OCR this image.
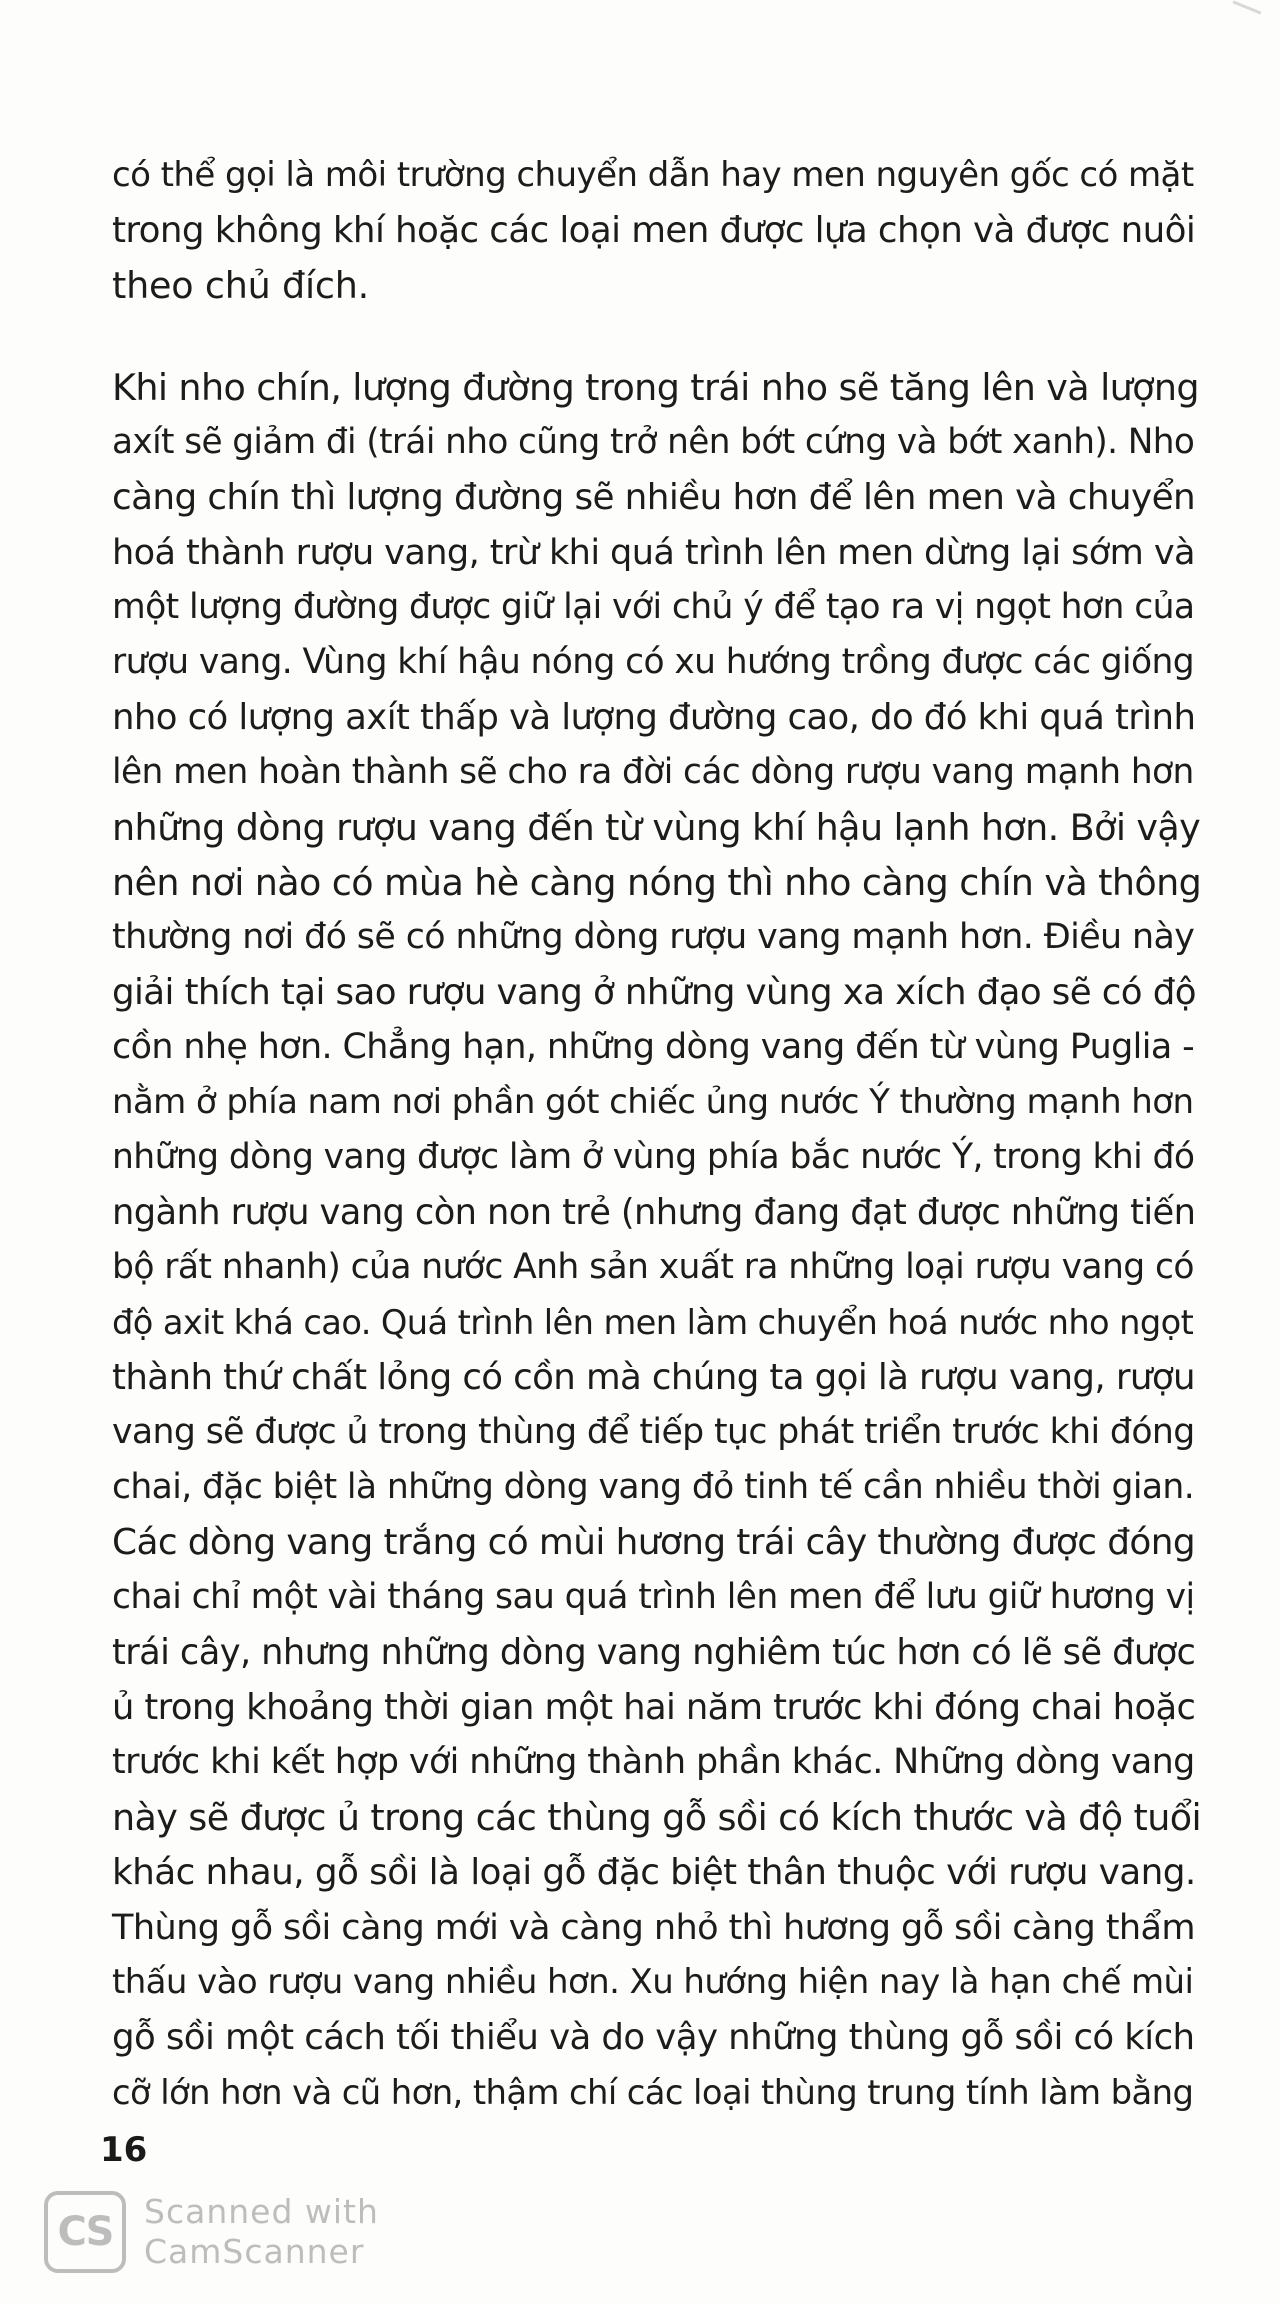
có thể gọi là môi trường chuyển dẫn hay men nguyên gốc có mặt
trong không khí hoặc các loại men được lựa chọn và được nuôi
theo chủ đích.

Khi nho chín, lượng đường trong trái nho sẽ tăng lên và lượng
axít sẽ giảm đi (trái nho cũng trở nên bớt cứng và bớt xanh). Nho
càng chín thì lượng đường sẽ nhiều hơn để lên men và chuyển
hoá thành rượu vang, trừ khi quá trình lên men dừng lại sớm và
một lượng đường được giữ lại với chủ ý để tạo ra vị ngọt hơn của
rượu vang. Vùng khí hậu nóng có xu hướng trồng được các giống
nho có lượng axít thấp và lượng đường cao, do đó khi quá trình
lên men hoàn thành sẽ cho ra đời các dòng rượu vang mạnh hơn
những dòng rượu vang đến từ vùng khí hậu lạnh hơn. Bởi vậy
nên nơi nào có mùa hè càng nóng thì nho càng chín và thông
thường nơi đó sẽ có những dòng rượu vang mạnh hơn. Điều này
giải thích tại sao rượu vang ở những vùng xa xích đạo sẽ có độ
cồn nhẹ hơn. Chẳng hạn, những dòng vang đến từ vùng Puglia -
nằm ở phía nam nơi phần gót chiếc ủng nước Ý thường mạnh hơn
những dòng vang được làm ở vùng phía bắc nước Ý, trong khi đó
ngành rượu vang còn non trẻ (nhưng đang đạt được những tiến
bộ rất nhanh) của nước Anh sản xuất ra những loại rượu vang có
độ axit khá cao. Quá trình lên men làm chuyển hoá nước nho ngọt
thành thứ chất lỏng có cồn mà chúng ta gọi là rượu vang, rượu
vang sẽ được ủ trong thùng để tiếp tục phát triển trước khi đóng
chai, đặc biệt là những dòng vang đỏ tinh tế cần nhiều thời gian.
Các dòng vang trắng có mùi hương trái cây thường được đóng
chai chỉ một vài tháng sau quá trình lên men để lưu giữ hương vị
trái cây, nhưng những dòng vang nghiêm túc hơn có lẽ sẽ được
ủ trong khoảng thời gian một hai năm trước khi đóng chai hoặc
trước khi kết hợp với những thành phần khác. Những dòng vang
này sẽ được ủ trong các thùng gỗ sồi có kích thước và độ tuổi
khác nhau, gỗ sồi là loại gỗ đặc biệt thân thuộc với rượu vang.
Thùng gỗ sồi càng mới và càng nhỏ thì hương gỗ sồi càng thẩm
thấu vào rượu vang nhiều hơn. Xu hướng hiện nay là hạn chế mùi
gỗ sồi một cách tối thiểu và do vậy những thùng gỗ sồi có kích
cỡ lớn hơn và cũ hơn, thậm chí các loại thùng trung tính làm bằng

16
CS Scanned with
CamScanner
